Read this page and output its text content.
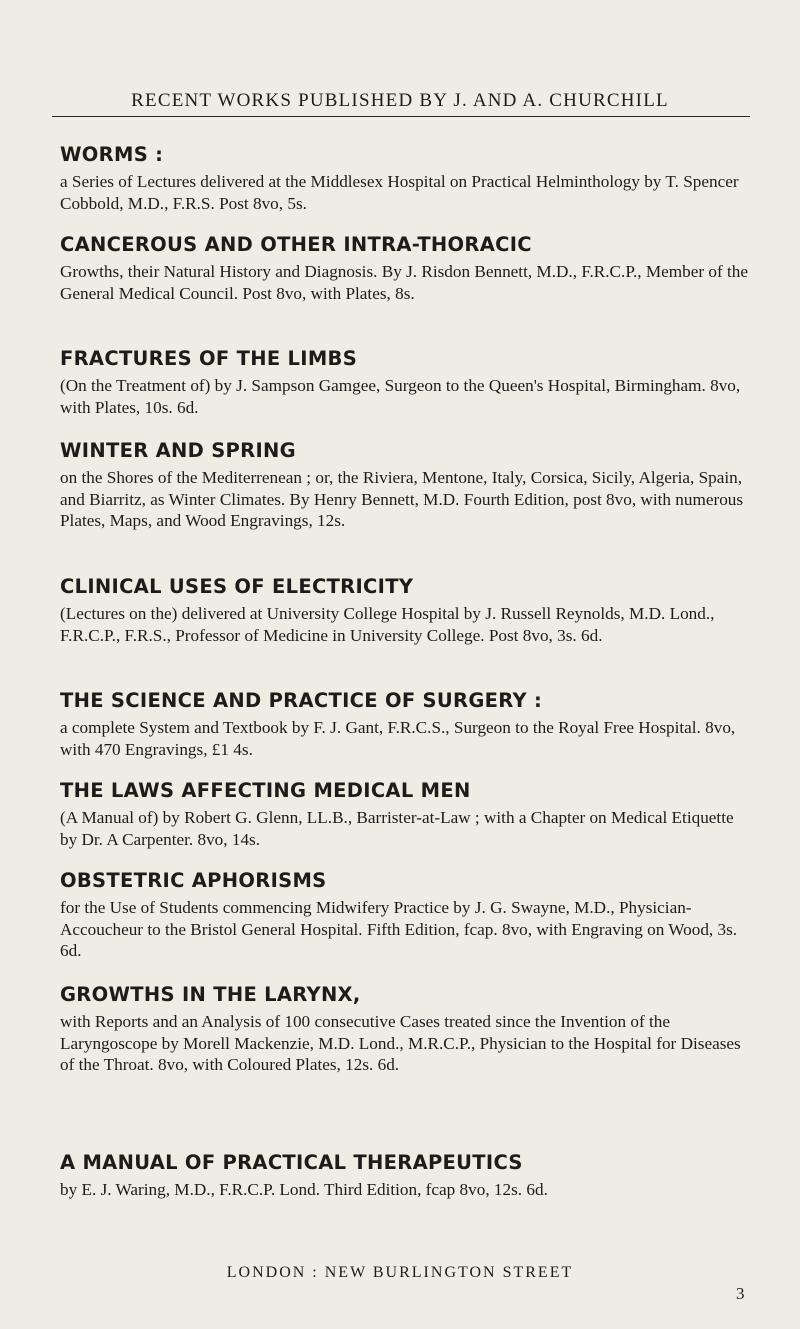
RECENT WORKS PUBLISHED BY J. AND A. CHURCHILL
WORMS :

a Series of Lectures delivered at the Middlesex Hospital on Practical Helminthology by T. Spencer Cobbold, M.D., F.R.S. Post 8vo, 5s.

CANCEROUS AND OTHER INTRA-THORACIC

Growths, their Natural History and Diagnosis. By J. Risdon Bennett, M.D., F.R.C.P., Member of the General Medical Council. Post 8vo, with Plates, 8s.

FRACTURES OF THE LIMBS

(On the Treatment of) by J. Sampson Gamgee, Surgeon to the Queen's Hospital, Birmingham. 8vo, with Plates, 10s. 6d.

WINTER AND SPRING

on the Shores of the Mediterrenean ; or, the Riviera, Mentone, Italy, Corsica, Sicily, Algeria, Spain, and Biarritz, as Winter Climates. By Henry Bennett, M.D. Fourth Edition, post 8vo, with numerous Plates, Maps, and Wood Engravings, 12s.

CLINICAL USES OF ELECTRICITY

(Lectures on the) delivered at University College Hospital by J. Russell Reynolds, M.D. Lond., F.R.C.P., F.R.S., Professor of Medicine in University College. Post 8vo, 3s. 6d.

THE SCIENCE AND PRACTICE OF SURGERY :

a complete System and Textbook by F. J. Gant, F.R.C.S., Surgeon to the Royal Free Hospital. 8vo, with 470 Engravings, £1 4s.

THE LAWS AFFECTING MEDICAL MEN

(A Manual of) by Robert G. Glenn, LL.B., Barrister-at-Law ; with a Chapter on Medical Etiquette by Dr. A Carpenter. 8vo, 14s.

OBSTETRIC APHORISMS

for the Use of Students commencing Midwifery Practice by J. G. Swayne, M.D., Physician-Accoucheur to the Bristol General Hospital. Fifth Edition, fcap. 8vo, with Engraving on Wood, 3s. 6d.

GROWTHS IN THE LARYNX,

with Reports and an Analysis of 100 consecutive Cases treated since the Invention of the Laryngoscope by Morell Mackenzie, M.D. Lond., M.R.C.P., Physician to the Hospital for Diseases of the Throat. 8vo, with Coloured Plates, 12s. 6d.

A MANUAL OF PRACTICAL THERAPEUTICS

by E. J. Waring, M.D., F.R.C.P. Lond. Third Edition, fcap 8vo, 12s. 6d.

LONDON : NEW BURLINGTON STREET
3
